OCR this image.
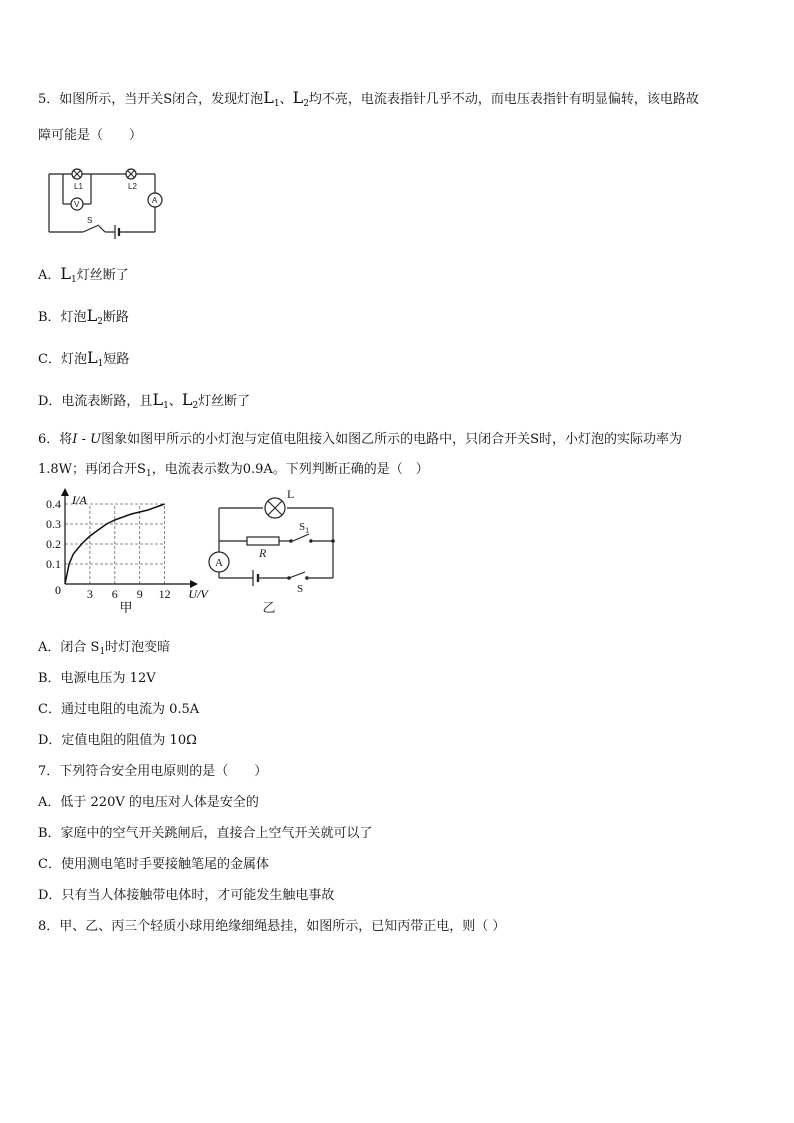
5．如图所示，当开关S闭合，发现灯泡$L_1$、$L_2$均不亮，电流表指针几乎不动，而电压表指针有明显偏转，该电路故
障可能是（　　）
L1	L2
V	A
S
A．$L_1$灯丝断了
B．灯泡$L_2$断路
C．灯泡$L_1$短路
D．电流表断路，且$L_1$、$L_2$灯丝断了
6．将I - U图象如图甲所示的小灯泡与定值电阻接入如图乙所示的电路中，只闭合开关S时，小灯泡的实际功率为
1.8W；再闭合开$S_1$，电流表示数为0.9A。下列判断正确的是（　）
3 6 9 12
0.1
0.2
0.3
0.4
0
I/A
U/V
甲
L
R
$S_1$
S
A
乙
A．闭合 $S_1$时灯泡变暗
B．电源电压为 12V
C．通过电阻的电流为 0.5A
D．定值电阻的阻值为 10Ω
7．下列符合安全用电原则的是（　　）
A．低于 220V 的电压对人体是安全的
B．家庭中的空气开关跳闸后，直接合上空气开关就可以了
C．使用测电笔时手要接触笔尾的金属体
D．只有当人体接触带电体时，才可能发生触电事故
8．甲、乙、丙三个轻质小球用绝缘细绳悬挂，如图所示，已知丙带正电，则（ ）
